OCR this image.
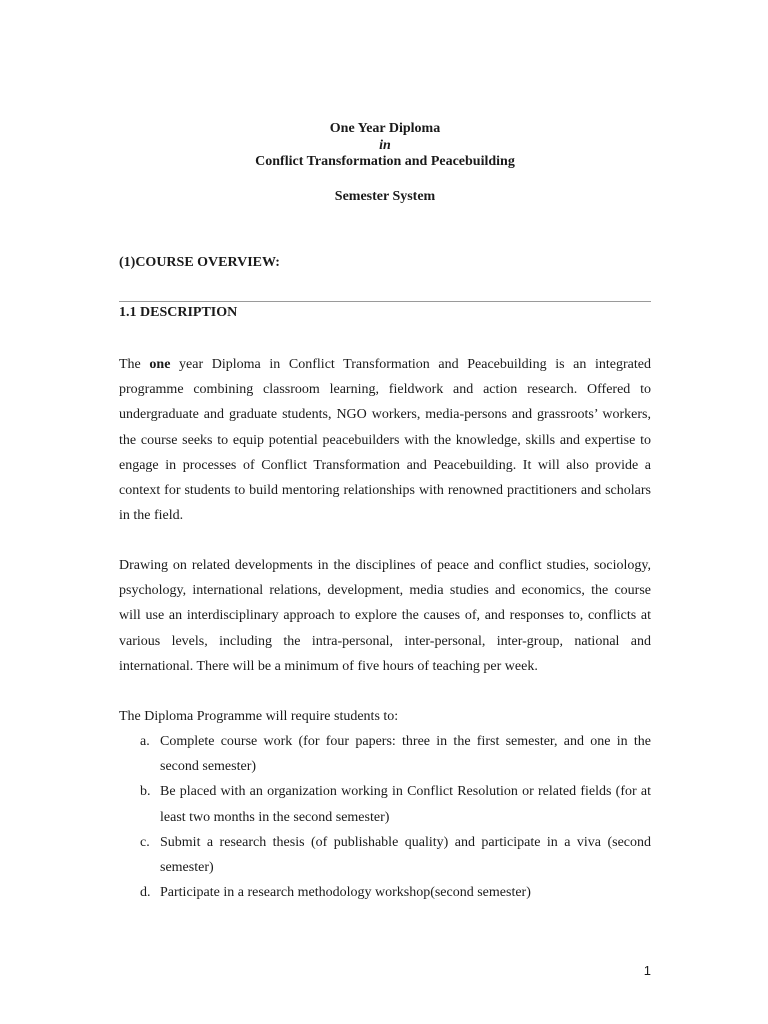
One Year Diploma
in
Conflict Transformation and Peacebuilding
Semester System
(1)COURSE OVERVIEW:
1.1 DESCRIPTION

The one year Diploma in Conflict Transformation and Peacebuilding is an integrated programme combining classroom learning, fieldwork and action research. Offered to undergraduate and graduate students, NGO workers, media-persons and grassroots’ workers, the course seeks to equip potential peacebuilders with the knowledge, skills and expertise to engage in processes of Conflict Transformation and Peacebuilding. It will also provide a context for students to build mentoring relationships with renowned practitioners and scholars in the field.

Drawing on related developments in the disciplines of peace and conflict studies, sociology, psychology, international relations, development, media studies and economics, the course will use an interdisciplinary approach to explore the causes of, and responses to, conflicts at various levels, including the intra-personal, inter-personal, inter-group, national and international. There will be a minimum of five hours of teaching per week.

The Diploma Programme will require students to:

a. Complete course work (for four papers: three in the first semester, and one in the second semester)
b. Be placed with an organization working in Conflict Resolution or related fields (for at least two months in the second semester)
c. Submit a research thesis (of publishable quality) and participate in a viva (second semester)
d. Participate in a research methodology workshop(second semester)
1
